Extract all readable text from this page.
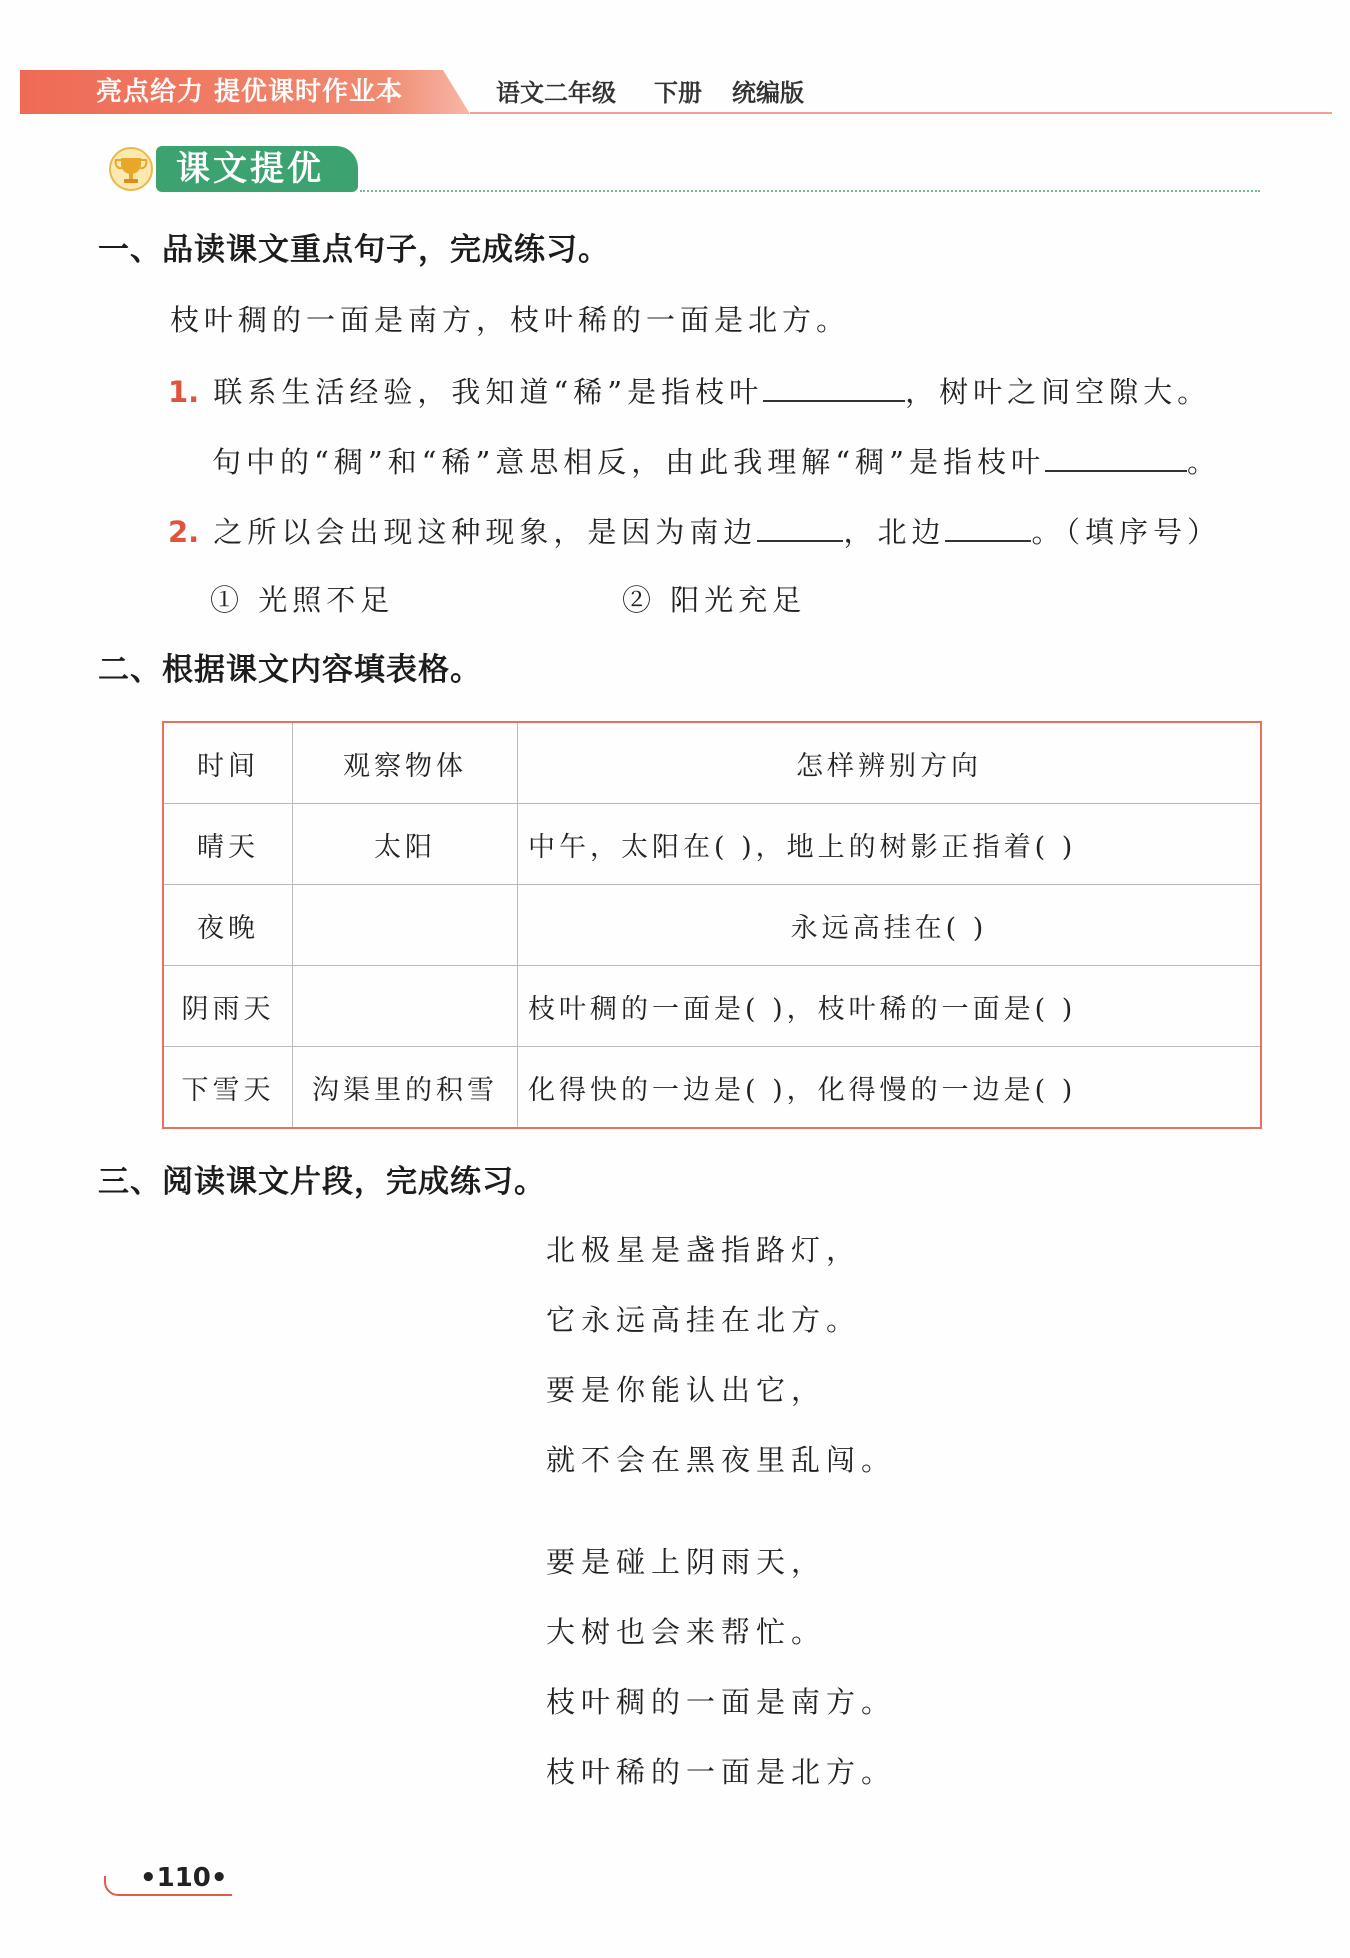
亮点给力 提优课时作业本	语文二年级 下册 统编版
课文提优
一、品读课文重点句子，完成练习。
枝叶稠的一面是南方，枝叶稀的一面是北方。
1. 联系生活经验，我知道“稀”是指枝叶	，树叶之间空隙大。
句中的“稠”和“稀”意思相反，由此我理解“稠”是指枝叶	。
2. 之所以会出现这种现象，是因为南边	，北边	。（填序号）
① 光照不足	② 阳光充足
二、根据课文内容填表格。
时间	观察物体	怎样辨别方向
晴天	太阳	中午，太阳在( )，地上的树影正指着( )
夜晚		永远高挂在( )
阴雨天		枝叶稠的一面是( )，枝叶稀的一面是( )
下雪天	沟渠里的积雪	化得快的一边是( )，化得慢的一边是( )
三、阅读课文片段，完成练习。
北极星是盏指路灯，
它永远高挂在北方。
要是你能认出它，
就不会在黑夜里乱闯。
要是碰上阴雨天，
大树也会来帮忙。
枝叶稠的一面是南方。
枝叶稀的一面是北方。
•110•
